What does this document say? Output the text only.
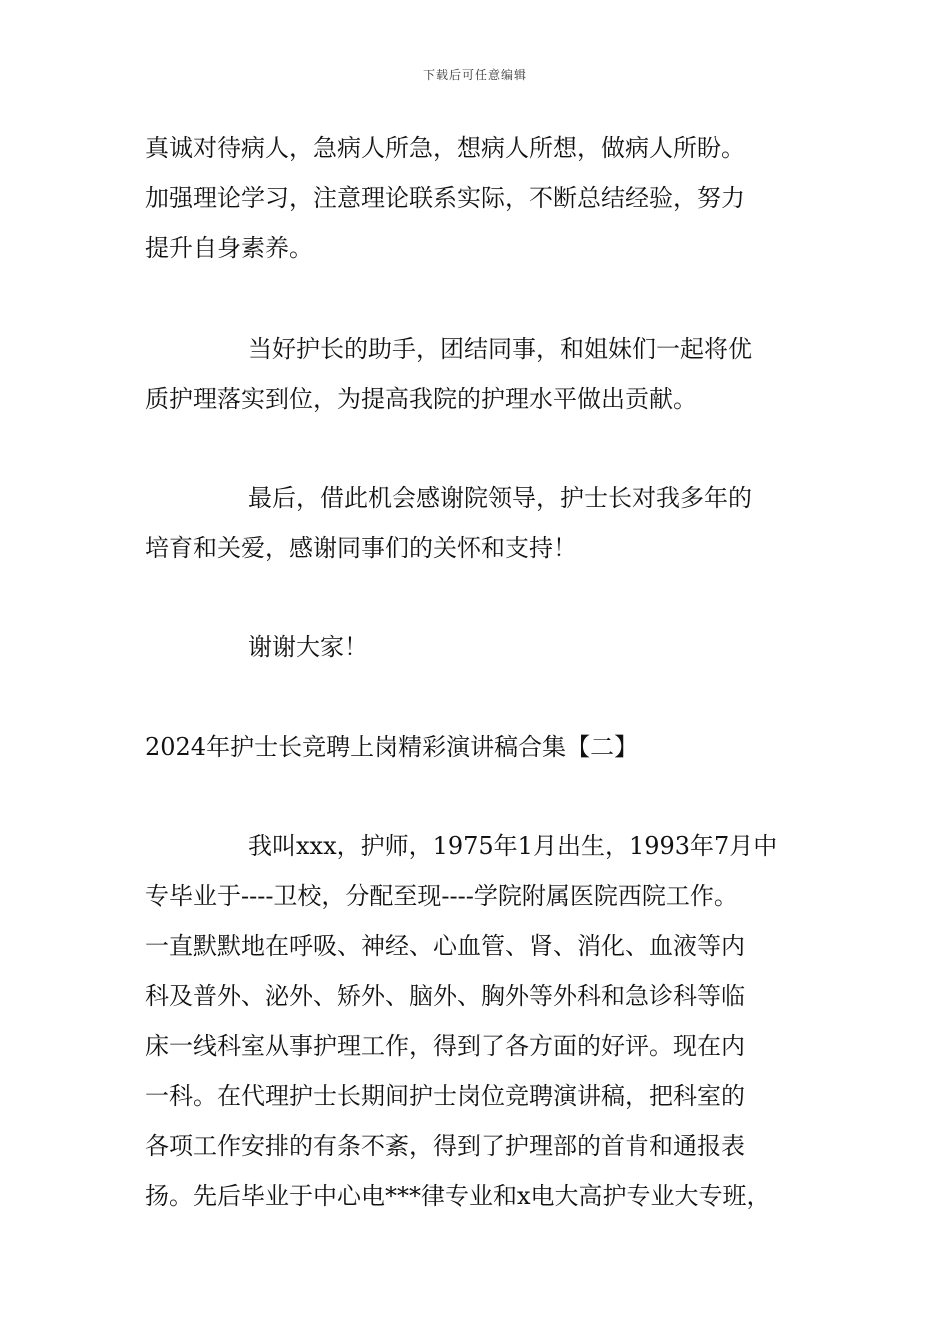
下载后可任意编辑
真诚对待病人，急病人所急，想病人所想，做病人所盼。
加强理论学习，注意理论联系实际，不断总结经验，努力
提升自身素养。
当好护长的助手，团结同事，和姐妹们一起将优
质护理落实到位，为提高我院的护理水平做出贡献。
最后，借此机会感谢院领导，护士长对我多年的
培育和关爱，感谢同事们的关怀和支持！
谢谢大家！
2024年护士长竞聘上岗精彩演讲稿合集【二】
我叫xxx，护师，1975年1月出生，1993年7月中
专毕业于----卫校，分配至现----学院附属医院西院工作。
一直默默地在呼吸、神经、心血管、肾、消化、血液等内
科及普外、泌外、矫外、脑外、胸外等外科和急诊科等临
床一线科室从事护理工作，得到了各方面的好评。现在内
一科。在代理护士长期间护士岗位竞聘演讲稿，把科室的
各项工作安排的有条不紊，得到了护理部的首肯和通报表
扬。先后毕业于中心电***律专业和x电大高护专业大专班，
